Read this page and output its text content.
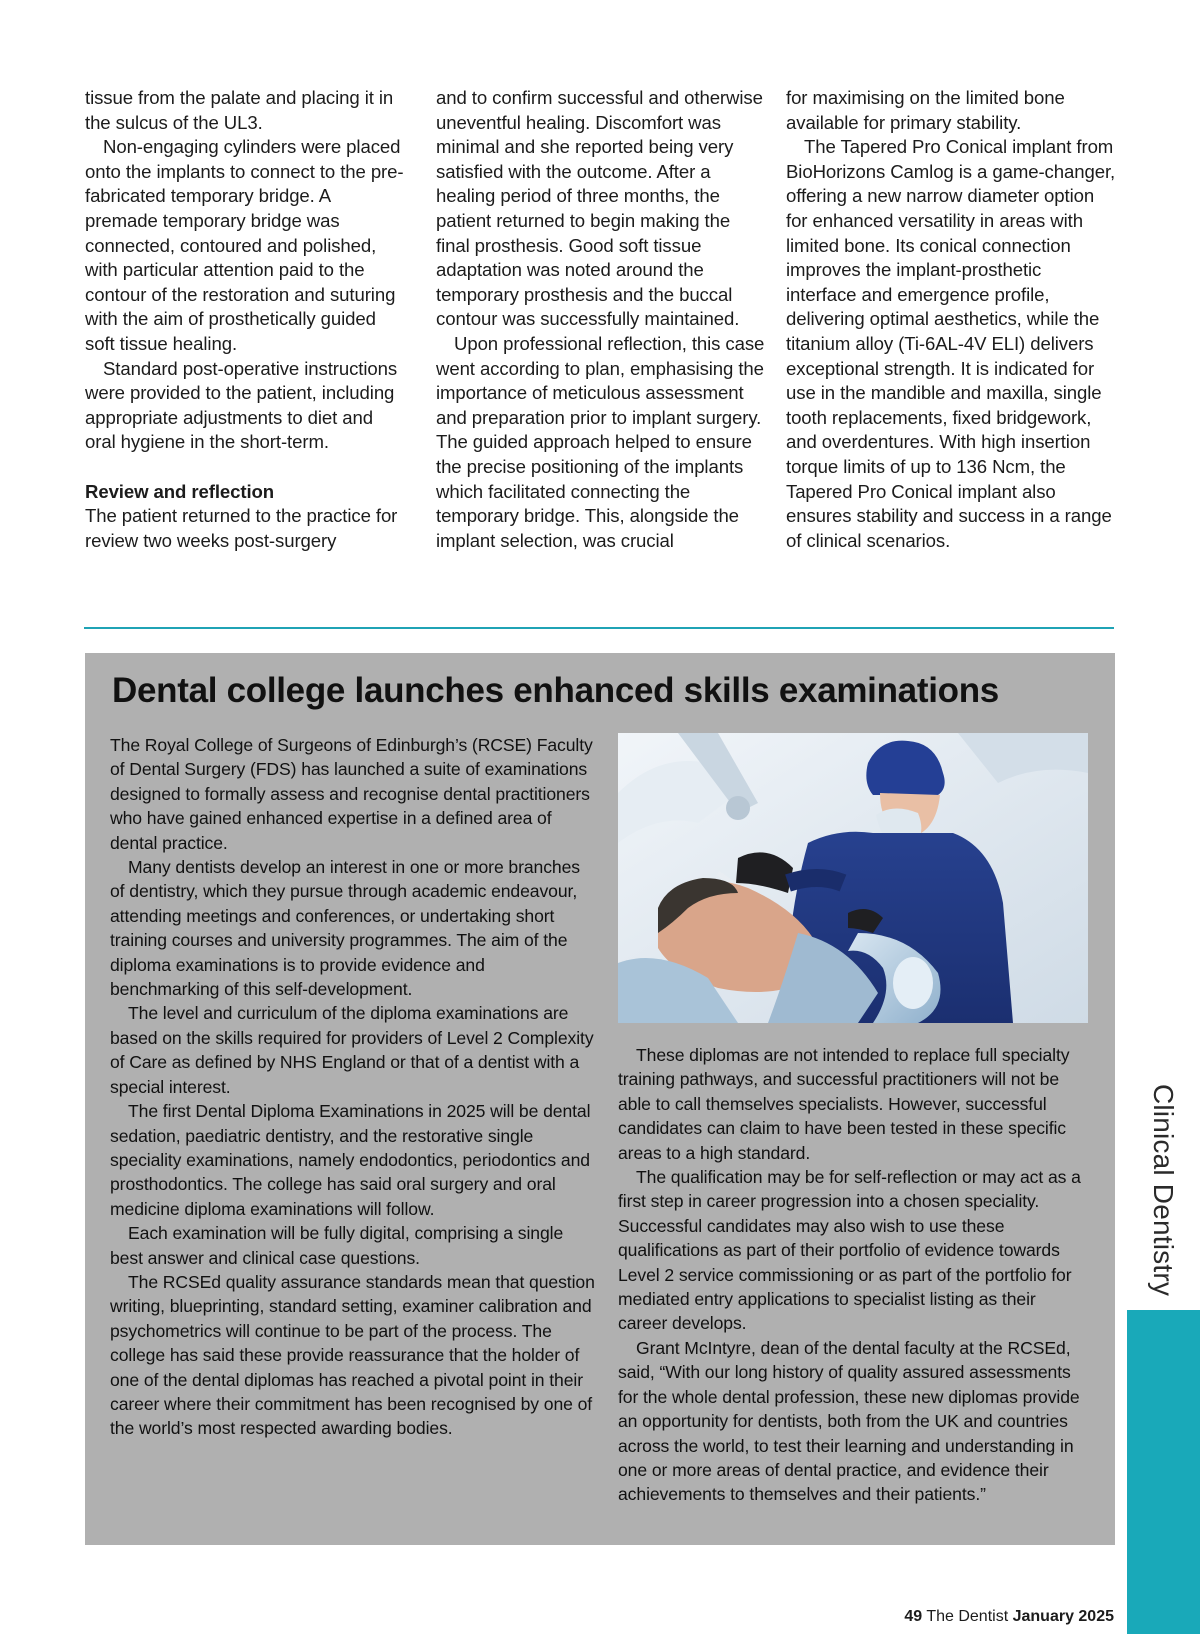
tissue from the palate and placing it in the sulcus of the UL3.

Non-engaging cylinders were placed onto the implants to connect to the pre-fabricated temporary bridge. A premade temporary bridge was connected, contoured and polished, with particular attention paid to the contour of the restoration and suturing with the aim of prosthetically guided soft tissue healing.

Standard post-operative instructions were provided to the patient, including appropriate adjustments to diet and oral hygiene in the short-term.

Review and reflection

The patient returned to the practice for review two weeks post-surgery

and to confirm successful and otherwise uneventful healing. Discomfort was minimal and she reported being very satisfied with the outcome. After a healing period of three months, the patient returned to begin making the final prosthesis. Good soft tissue adaptation was noted around the temporary prosthesis and the buccal contour was successfully maintained.

Upon professional reflection, this case went according to plan, emphasising the importance of meticulous assessment and preparation prior to implant surgery. The guided approach helped to ensure the precise positioning of the implants which facilitated connecting the temporary bridge. This, alongside the implant selection, was crucial

for maximising on the limited bone available for primary stability.

The Tapered Pro Conical implant from BioHorizons Camlog is a game-changer, offering a new narrow diameter option for enhanced versatility in areas with limited bone. Its conical connection improves the implant-prosthetic interface and emergence profile, delivering optimal aesthetics, while the titanium alloy (Ti-6AL-4V ELI) delivers exceptional strength. It is indicated for use in the mandible and maxilla, single tooth replacements, fixed bridgework, and overdentures. With high insertion torque limits of up to 136 Ncm, the Tapered Pro Conical implant also ensures stability and success in a range of clinical scenarios.

Dental college launches enhanced skills examinations

The Royal College of Surgeons of Edinburgh’s (RCSE) Faculty of Dental Surgery (FDS) has launched a suite of examinations designed to formally assess and recognise dental practitioners who have gained enhanced expertise in a defined area of dental practice.

Many dentists develop an interest in one or more branches of dentistry, which they pursue through academic endeavour, attending meetings and conferences, or undertaking short training courses and university programmes. The aim of the diploma examinations is to provide evidence and benchmarking of this self-development.

The level and curriculum of the diploma examinations are based on the skills required for providers of Level 2 Complexity of Care as defined by NHS England or that of a dentist with a special interest.

The first Dental Diploma Examinations in 2025 will be dental sedation, paediatric dentistry, and the restorative single speciality examinations, namely endodontics, periodontics and prosthodontics. The college has said oral surgery and oral medicine diploma examinations will follow.

Each examination will be fully digital, comprising a single best answer and clinical case questions.

The RCSEd quality assurance standards mean that question writing, blueprinting, standard setting, examiner calibration and psychometrics will continue to be part of the process. The college has said these provide reassurance that the holder of one of the dental diplomas has reached a pivotal point in their career where their commitment has been recognised by one of the world’s most respected awarding bodies.

These diplomas are not intended to replace full specialty training pathways, and successful practitioners will not be able to call themselves specialists. However, successful candidates can claim to have been tested in these specific areas to a high standard.

The qualification may be for self-reflection or may act as a first step in career progression into a chosen speciality. Successful candidates may also wish to use these qualifications as part of their portfolio of evidence towards Level 2 service commissioning or as part of the portfolio for mediated entry applications to specialist listing as their career develops.

Grant McIntyre, dean of the dental faculty at the RCSEd, said, “With our long history of quality assured assessments for the whole dental profession, these new diplomas provide an opportunity for dentists, both from the UK and countries across the world, to test their learning and understanding in one or more areas of dental practice, and evidence their achievements to themselves and their patients.”

Clinical Dentistry
49 The Dentist January 2025
